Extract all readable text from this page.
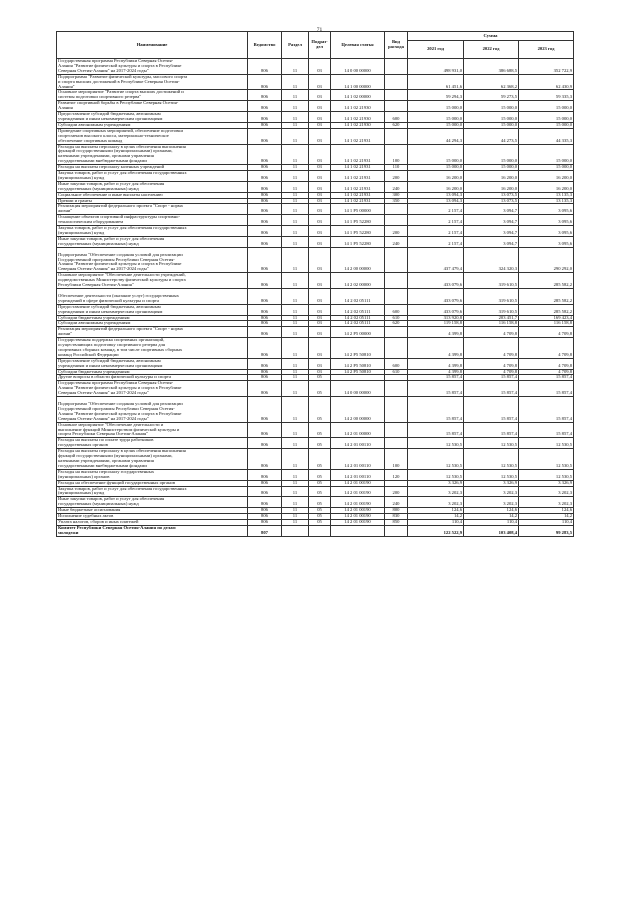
71
Наименование	Ведомство	Раздел	Подраз-
дел	Целевая статья	Вид
расхода	Сумма		
						2021 год	2022 год	2023 год
Государственная программа Республики Северная Осетия-
Алания "Развитие физической культуры и спорта в Республике
Северная Осетия-Алания" на 2017-2024 годы"	806	11	03	14 0 00 00000		498 931,0	386 688,5	352 722,9
Подпрограмма "Развитие физической культуры, массового спорта
и спорта высших достижений в Республике Северная Осетия-
Алания"	806	11	03	14 1 00 00000		61 451,6	62 368,2	62 430,9
Основное мероприятие "Развитие спорта высших достижений и
системы подготовки спортивного резерва"	806	11	03	14 1 02 00000		59 294,3	59 273,5	59 335,3
Развитие спортивной борьбы в Республике Северная Осетия-
Алания	806	11	03	14 1 02 21930		15 000,0	15 000,0	15 000,0
Предоставление субсидий бюджетным, автономным
учреждениям и иным некоммерческим организациям	806	11	03	14 1 02 21930	600	15 000,0	15 000,0	15 000,0
Субсидии автономным учреждениям	806	11	03	14 1 02 21930	620	15 000,0	15 000,0	15 000,0
Проведение спортивных мероприятий, обеспечение подготовки
спортсменов высокого класса, материально-техническое
обеспечение спортивных команд	806	11	03	14 1 02 21931		44 294,3	44 273,5	44 335,3
Расходы на выплаты персоналу в целях обеспечения выполнения
функций государственными (муниципальными) органами,
казенными учреждениями, органами управления
государственными внебюджетными фондами	806	11	03	14 1 02 21931	100	15 000,0	15 000,0	15 000,0
Расходы на выплаты персоналу казенных учреждений	806	11	03	14 1 02 21931	110	15 000,0	15 000,0	15 000,0
Закупка товаров, работ и услуг для обеспечения государственных
(муниципальных) нужд	806	11	03	14 1 02 21931	200	16 200,0	16 200,0	16 200,0
Иные закупки товаров, работ и услуг для обеспечения
государственных (муниципальных) нужд	806	11	03	14 1 02 21931	240	16 200,0	16 200,0	16 200,0
Социальное обеспечение и иные выплаты населению	806	11	03	14 1 02 21931	300	13 094,3	13 073,5	13 135,3
Премии и гранты	806	11	03	14 1 02 21931	350	13 094,3	13 073,5	13 135,3
Реализация мероприятий федерального проекта "Спорт - норма
жизни"	806	11	03	14 1 P5 00000		2 157,4	3 094,7	3 095,6
Оснащение объектов спортивной инфраструктуры спортивно-
технологическим оборудованием	806	11	03	14 1 P5 52280		2 157,4	3 094,7	3 095,6
Закупка товаров, работ и услуг для обеспечения государственных
(муниципальных) нужд	806	11	03	14 1 P5 52280	200	2 157,4	3 094,7	3 095,6
Иные закупки товаров, работ и услуг для обеспечения
государственных (муниципальных) нужд	806	11	03	14 1 P5 52280	240	2 157,4	3 094,7	3 095,6

Подпрограмма "Обеспечение создания условий для реализации
Государственной программы Республики Северная Осетия-
Алания "Развитие физической культуры и спорта в Республике
Северная Осетия-Алания" на 2017-2024 годы"	806	11	03	14 2 00 00000		437 479,4	324 320,3	290 292,0
Основное мероприятие "Обеспечение деятельности учреждений,
подведомственных Министерству физической культуры и спорта
Республики Северная Осетия-Алания"	806	11	03	14 2 02 00000		433 079,6	319 610,5	285 582,2

Обеспечение деятельности (оказание услуг) государственных
учреждений в сфере физической культуры и спорта	806	11	03	14 2 02 05111		433 079,6	319 610,5	285 582,2
Предоставление субсидий бюджетным, автономным
учреждениям и иным некоммерческим организациям	806	11	03	14 2 02 05111	600	433 079,6	319 610,5	285 582,2
Субсидии бюджетным учреждениям	806	11	03	14 2 02 05111	610	313 920,8	203 451,7	169 423,4
Субсидии автономным учреждениям	806	11	03	14 2 02 05111	620	119 158,8	116 158,8	116 158,8
Реализация мероприятий федерального проекта "Спорт - норма
жизни"	806	11	03	14 2 P5 00000		4 399,8	4 709,8	4 709,8
Государственная поддержка спортивных организаций,
осуществляющих подготовку спортивного резерва для
спортивных сборных команд, в том числе спортивных сборных
команд Российской Федерации	806	11	03	14 2 P5 50810		4 399,8	4 709,8	4 709,8
Предоставление субсидий бюджетным, автономным
учреждениям и иным некоммерческим организациям	806	11	03	14 2 P5 50810	600	4 399,8	4 709,8	4 709,8
Субсидии бюджетным учреждениям	806	11	03	14 2 P5 50810	610	4 399,8	4 709,8	4 709,8
Другие вопросы в области физической культуры и спорта	806	11	05			15 857,4	15 857,4	15 857,4
Государственная программа Республики Северная Осетия-
Алания "Развитие физической культуры и спорта в Республике
Северная Осетия-Алания" на 2017-2024 годы"	806	11	05	14 0 00 00000		15 857,4	15 857,4	15 857,4

Подпрограмма "Обеспечение создания условий для реализации
Государственной программы Республики Северная Осетия-
Алания "Развитие физической культуры и спорта в Республике
Северная Осетия-Алания" на 2017-2024 годы"	806	11	05	14 2 00 00000		15 857,4	15 857,4	15 857,4
Основное мероприятие "Обеспечение деятельности и
выполнение функций Министерством физической культуры и
спорта Республики Северная Осетия-Алания"	806	11	05	14 2 01 00000		15 857,4	15 857,4	15 857,4
Расходы на выплаты по оплате труда работников
государственных органов	806	11	05	14 2 01 00110		12 530,5	12 530,5	12 530,5
Расходы на выплаты персоналу в целях обеспечения выполнения
функций государственными (муниципальными) органами,
казенными учреждениями, органами управления
государственными внебюджетными фондами	806	11	05	14 2 01 00110	100	12 530,5	12 530,5	12 530,5
Расходы на выплаты персоналу государственных
(муниципальных) органов	806	11	05	14 2 01 00110	120	12 530,5	12 530,5	12 530,5
Расходы на обеспечение функций государственных органов	806	11	05	14 2 01 00190		3 326,9	3 326,9	3 326,9
Закупка товаров, работ и услуг для обеспечения государственных
(муниципальных) нужд	806	11	05	14 2 01 00190	200	3 202,3	3 202,3	3 202,3
Иные закупки товаров, работ и услуг для обеспечения
государственных (муниципальных) нужд	806	11	05	14 2 01 00190	240	3 202,3	3 202,3	3 202,3
Иные бюджетные ассигнования	806	11	05	14 2 01 00190	800	124,6	124,6	124,6
Исполнение судебных актов	806	11	05	14 2 01 00190	830	14,2	14,2	14,2
Уплата налогов, сборов и иных платежей	806	11	05	14 2 01 00190	850	110,4	110,4	110,4
Комитет Республики Северная Осетия-Алания по делам
молодежи	807					122 522,9	103 408,4	99 283,5
